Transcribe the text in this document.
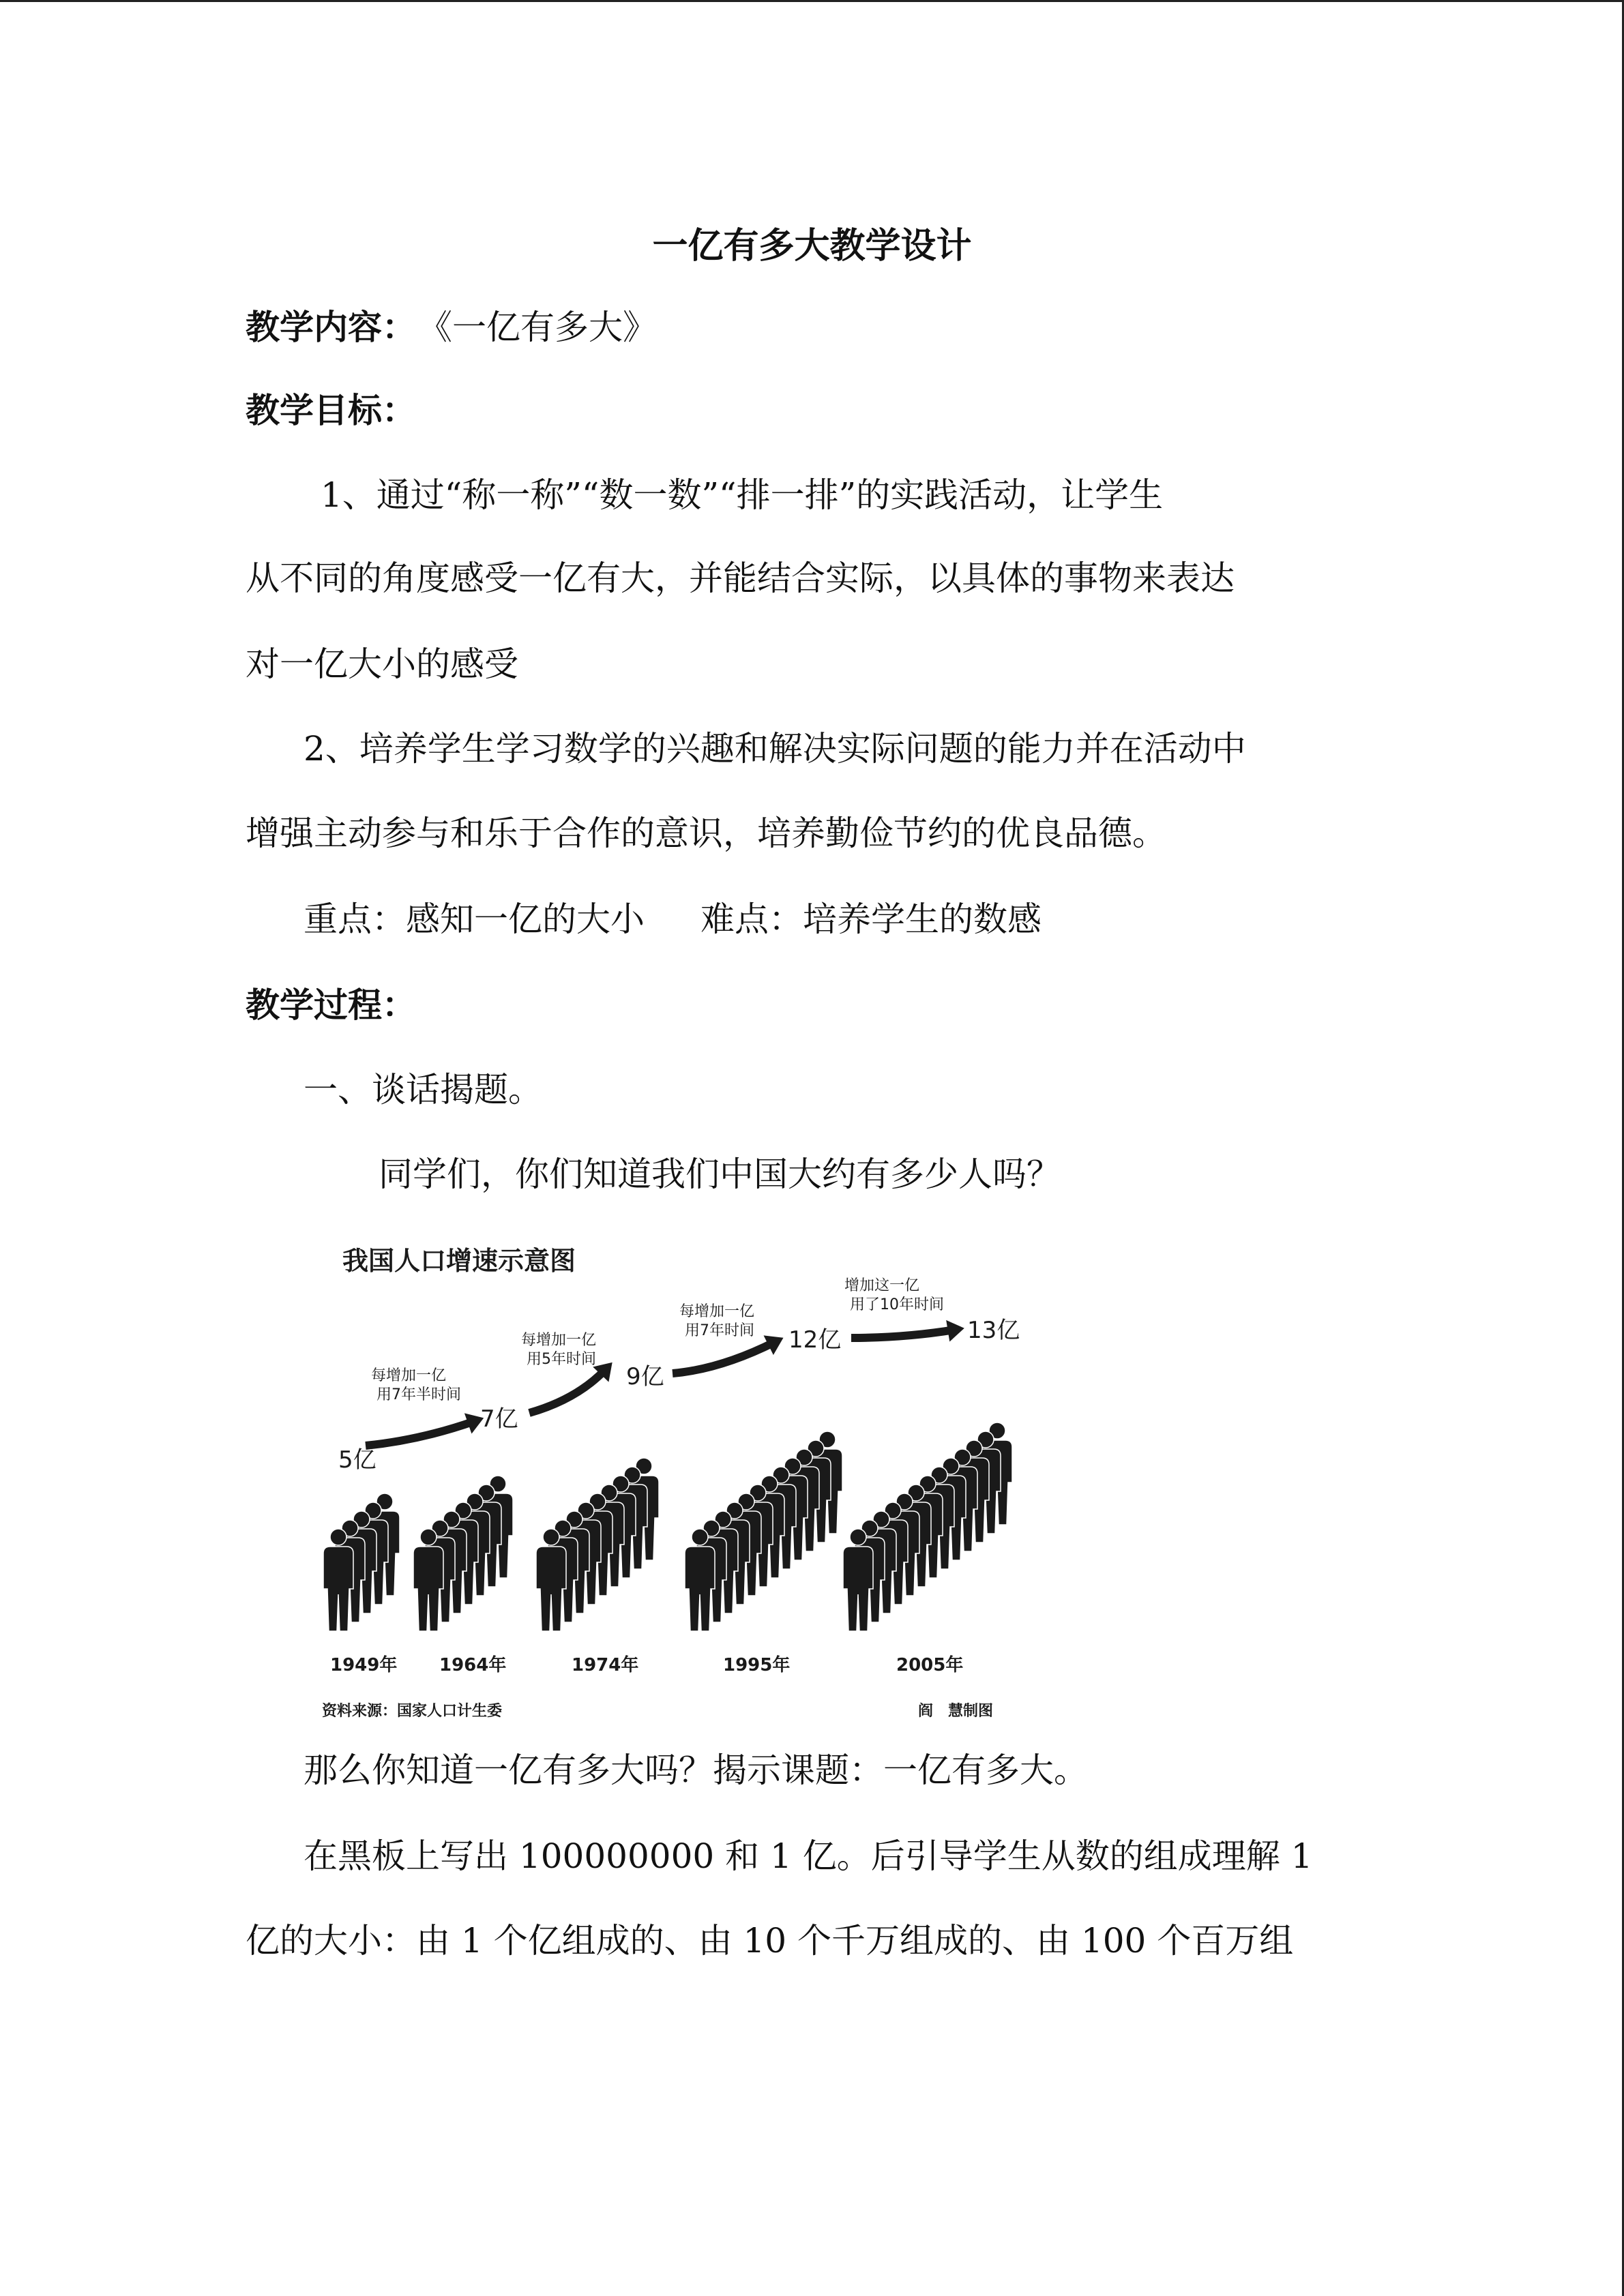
一亿有多大教学设计
教学内容： 《一亿有多大》
教学目标：
1、通过“称一称”“数一数”“排一排”的实践活动，让学生
从不同的角度感受一亿有大，并能结合实际，以具体的事物来表达
对一亿大小的感受
2、培养学生学习数学的兴趣和解决实际问题的能力并在活动中
增强主动参与和乐于合作的意识，培养勤俭节约的优良品德。
重点：感知一亿的大小 难点：培养学生的数感
教学过程：
一、谈话揭题。
同学们，你们知道我们中国大约有多少人吗？
我国人口增速示意图
5亿
1949年
7亿
1964年
9亿
1974年
12亿
1995年
13亿
2005年
每增加一亿
用7年半时间
每增加一亿
用5年时间
每增加一亿
用7年时间
增加这一亿
用了10年时间
资料来源：国家人口计生委	阎　慧制图
那么你知道一亿有多大吗？揭示课题：一亿有多大。
在黑板上写出 100000000 和 1 亿。后引导学生从数的组成理解 1
亿的大小：由 1 个亿组成的、由 10 个千万组成的、由 100 个百万组
